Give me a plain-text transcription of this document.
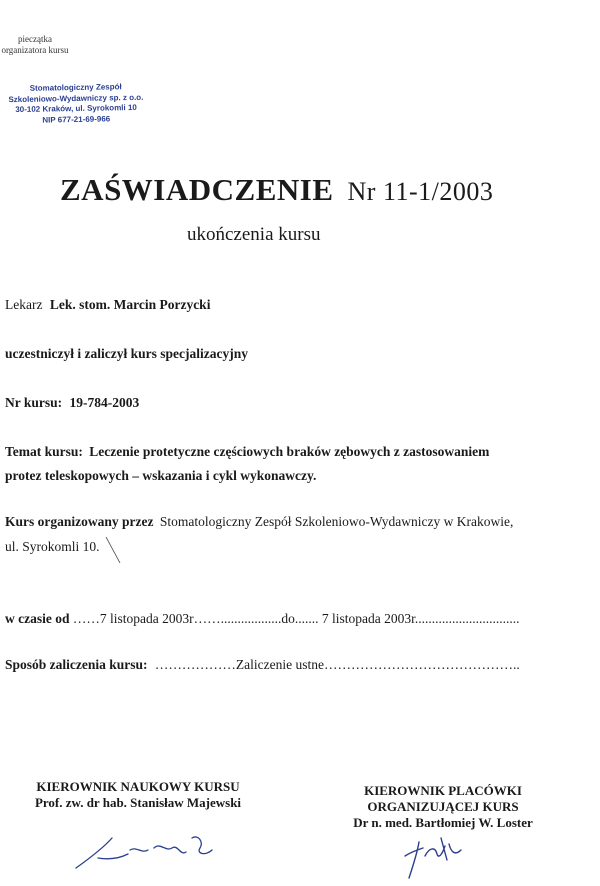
pieczątka
organizatora kursu
Stomatologiczny Zespół
Szkoleniowo-Wydawniczy sp. z o.o.
30-102 Kraków, ul. Syrokomli 10
NIP 677-21-69-966
ZAŚWIADCZENIE Nr 11-1/2003
ukończenia kursu
Lekarz Lek. stom. Marcin Porzycki
uczestniczył i zaliczył kurs specjalizacyjny
Nr kursu: 19-784-2003
Temat kursu: Leczenie protetyczne częściowych braków zębowych z zastosowaniem
protez teleskopowych – wskazania i cykl wykonawczy.
Kurs organizowany przez Stomatologiczny Zespół Szkoleniowo-Wydawniczy w Krakowie,
ul. Syrokomli 10.
w czasie od ……7 listopada 2003r……..................do....... 7 listopada 2003r...............................
Sposób zaliczenia kursu: ………………Zaliczenie ustne……………………………………..
KIEROWNIK NAUKOWY KURSU
Prof. zw. dr hab. Stanisław Majewski
KIEROWNIK PLACÓWKI
ORGANIZUJĄCEJ KURS
Dr n. med. Bartłomiej W. Loster
